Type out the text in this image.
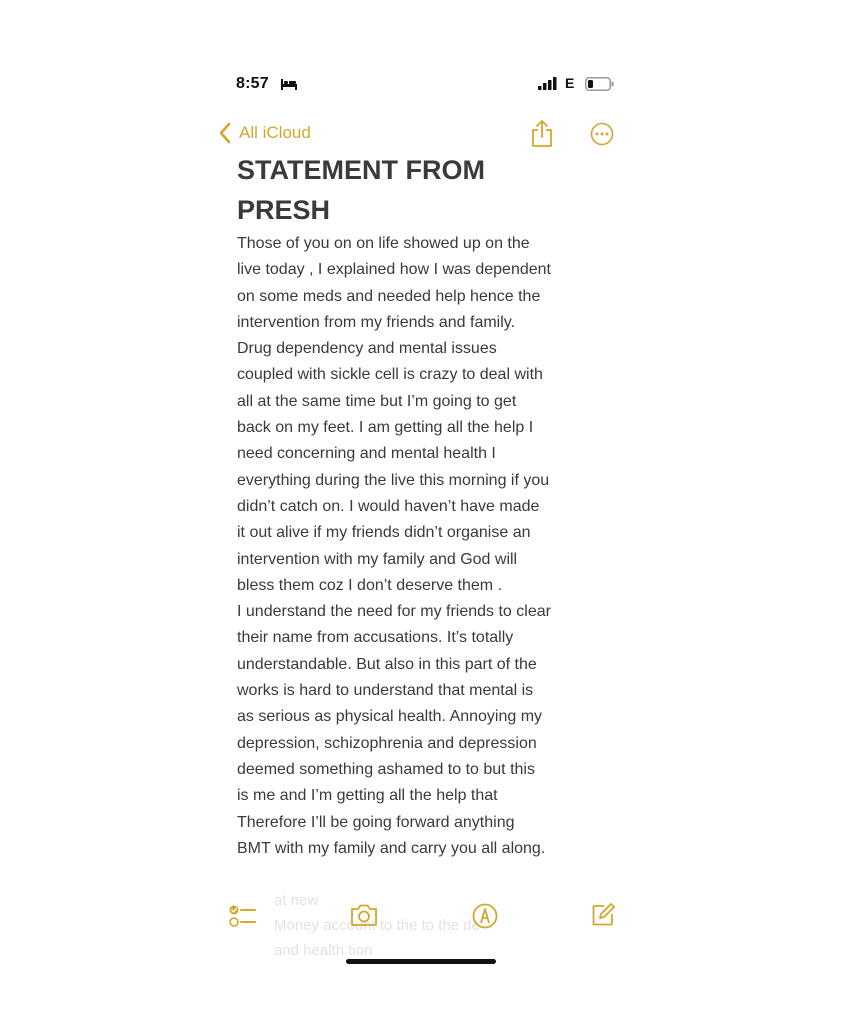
8:57	E
All iCloud
STATEMENT FROM
PRESH
Those of you on on life showed up on the
live today , I explained how I was dependent
on some meds and needed help hence the
intervention from my friends and family.
Drug dependency and mental issues
coupled with sickle cell is crazy to deal with
all at the same time but I’m going to get
back on my feet. I am getting all the help I
need concerning and mental health I
everything during the live this morning if you
didn’t catch on. I would haven’t have made
it out alive if my friends didn’t organise an
intervention with my family and God will
bless them coz I don’t deserve them .
I understand the need for my friends to clear
their name from accusations. It’s totally
understandable. But also in this part of the
works is hard to understand that mental is
as serious as physical health. Annoying my
depression, schizophrenia and depression
deemed something ashamed to to but this
is me and I’m getting all the help that
Therefore I’ll be going forward anything
BMT with my family and carry you all along.
at new
Money account to the to the de
and health tion
